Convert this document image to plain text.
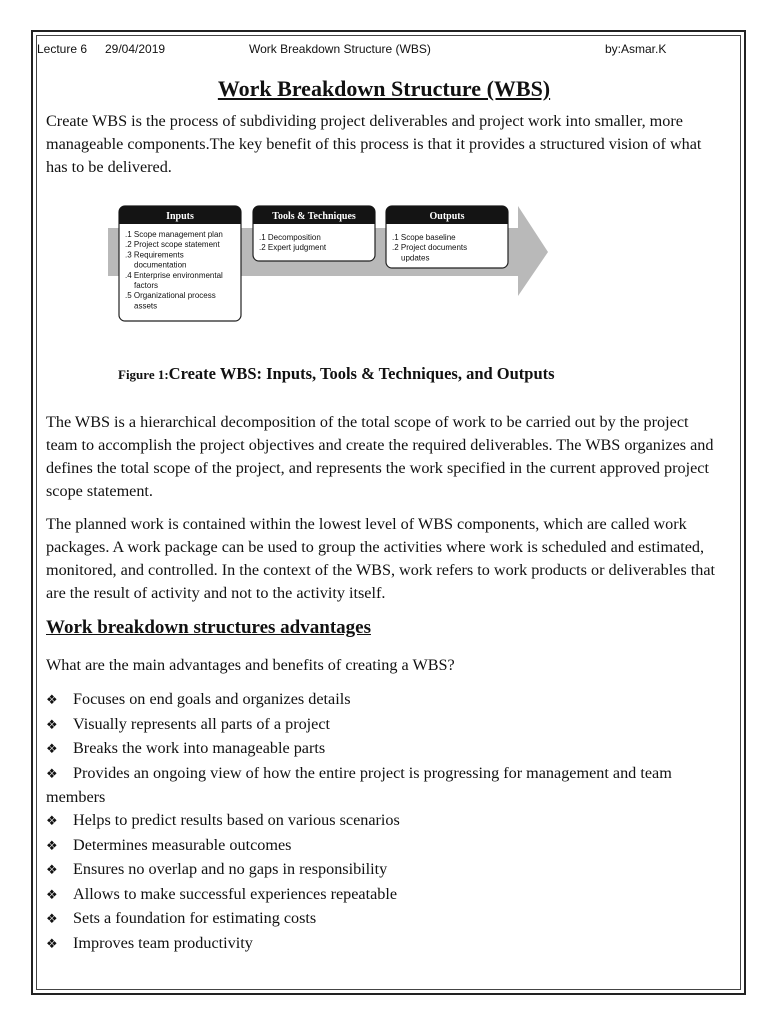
Lecture 6 29/04/2019	Work Breakdown Structure (WBS)	by:Asmar.K
Work Breakdown Structure (WBS)

Create WBS is the process of subdividing project deliverables and project work into smaller, more manageable components.The key benefit of this process is that it provides a structured vision of what has to be delivered.

Inputs
.1 Scope management plan
.2 Project scope statement
.3 Requirements
documentation
.4 Enterprise environmental
factors
.5 Organizational process
assets
Tools & Techniques
.1 Decomposition
.2 Expert judgment
Outputs
.1 Scope baseline
.2 Project documents
updates
Figure 1:Create WBS: Inputs, Tools & Techniques, and Outputs

The WBS is a hierarchical decomposition of the total scope of work to be carried out by the project team to accomplish the project objectives and create the required deliverables. The WBS organizes and defines the total scope of the project, and represents the work specified in the current approved project scope statement.

The planned work is contained within the lowest level of WBS components, which are called work packages. A work package can be used to group the activities where work is scheduled and estimated, monitored, and controlled. In the context of the WBS, work refers to work products or deliverables that are the result of activity and not to the activity itself.

Work breakdown structures advantages

What are the main advantages and benefits of creating a WBS?

❖ Focuses on end goals and organizes details
❖ Visually represents all parts of a project
❖ Breaks the work into manageable parts
❖ Provides an ongoing view of how the entire project is progressing for management and team members
❖ Helps to predict results based on various scenarios
❖ Determines measurable outcomes
❖ Ensures no overlap and no gaps in responsibility
❖ Allows to make successful experiences repeatable
❖ Sets a foundation for estimating costs
❖ Improves team productivity
